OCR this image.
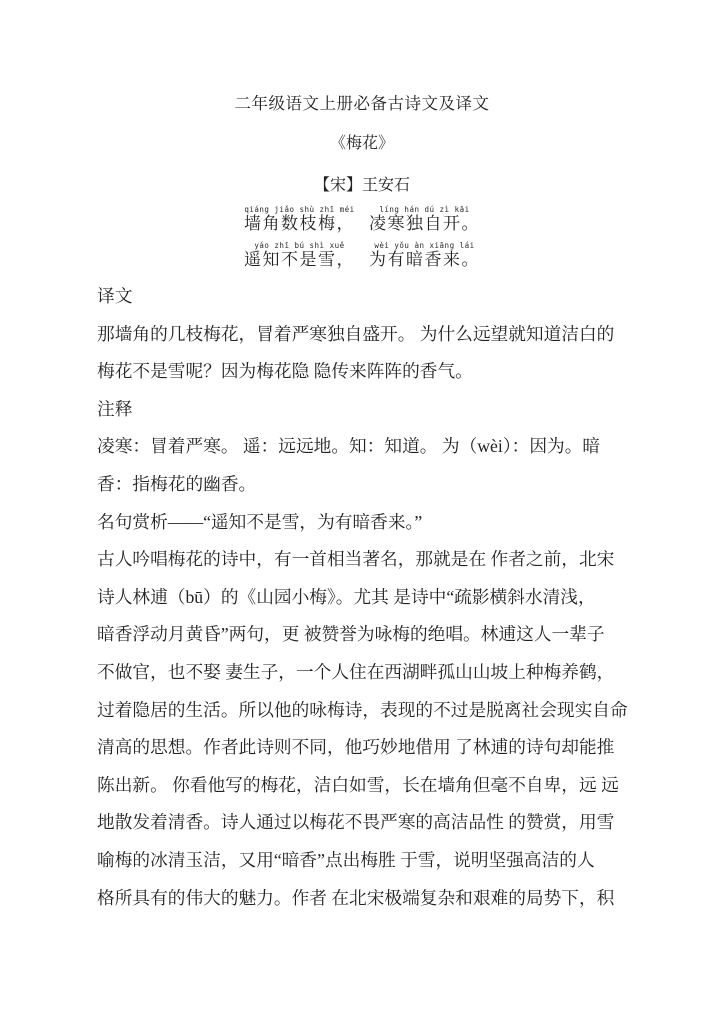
二年级语文上册必备古诗文及译文
《梅花》
【宋】王安石
qiáng jiǎo shù zhī méi
墙角数枝梅，

líng hán dú zì kāi
凌寒独自开。
yáo zhī bú shì xuě
遥知不是雪，

wèi yǒu àn xiāng lái
为有暗香来。
译文
那墙角的几枝梅花，冒着严寒独自盛开。 为什么远望就知道洁白的
梅花不是雪呢？因为梅花隐 隐传来阵阵的香气。
注释
凌寒：冒着严寒。 遥：远远地。知：知道。 为（wèi）：因为。暗
香：指梅花的幽香。
名句赏析——“遥知不是雪，为有暗香来。”
古人吟唱梅花的诗中，有一首相当著名，那就是在 作者之前，北宋
诗人林逋（bū）的《山园小梅》。尤其 是诗中“疏影横斜水清浅，
暗香浮动月黄昏”两句，更 被赞誉为咏梅的绝唱。林逋这人一辈子
不做官，也不娶 妻生子，一个人住在西湖畔孤山山坡上种梅养鹤，
过着隐居的生活。所以他的咏梅诗，表现的不过是脱离社会现实自命
清高的思想。作者此诗则不同，他巧妙地借用 了林逋的诗句却能推
陈出新。 你看他写的梅花，洁白如雪，长在墙角但毫不自卑，远 远
地散发着清香。诗人通过以梅花不畏严寒的高洁品性 的赞赏，用雪
喻梅的冰清玉洁，又用“暗香”点出梅胜 于雪，说明坚强高洁的人
格所具有的伟大的魅力。作者 在北宋极端复杂和艰难的局势下，积
